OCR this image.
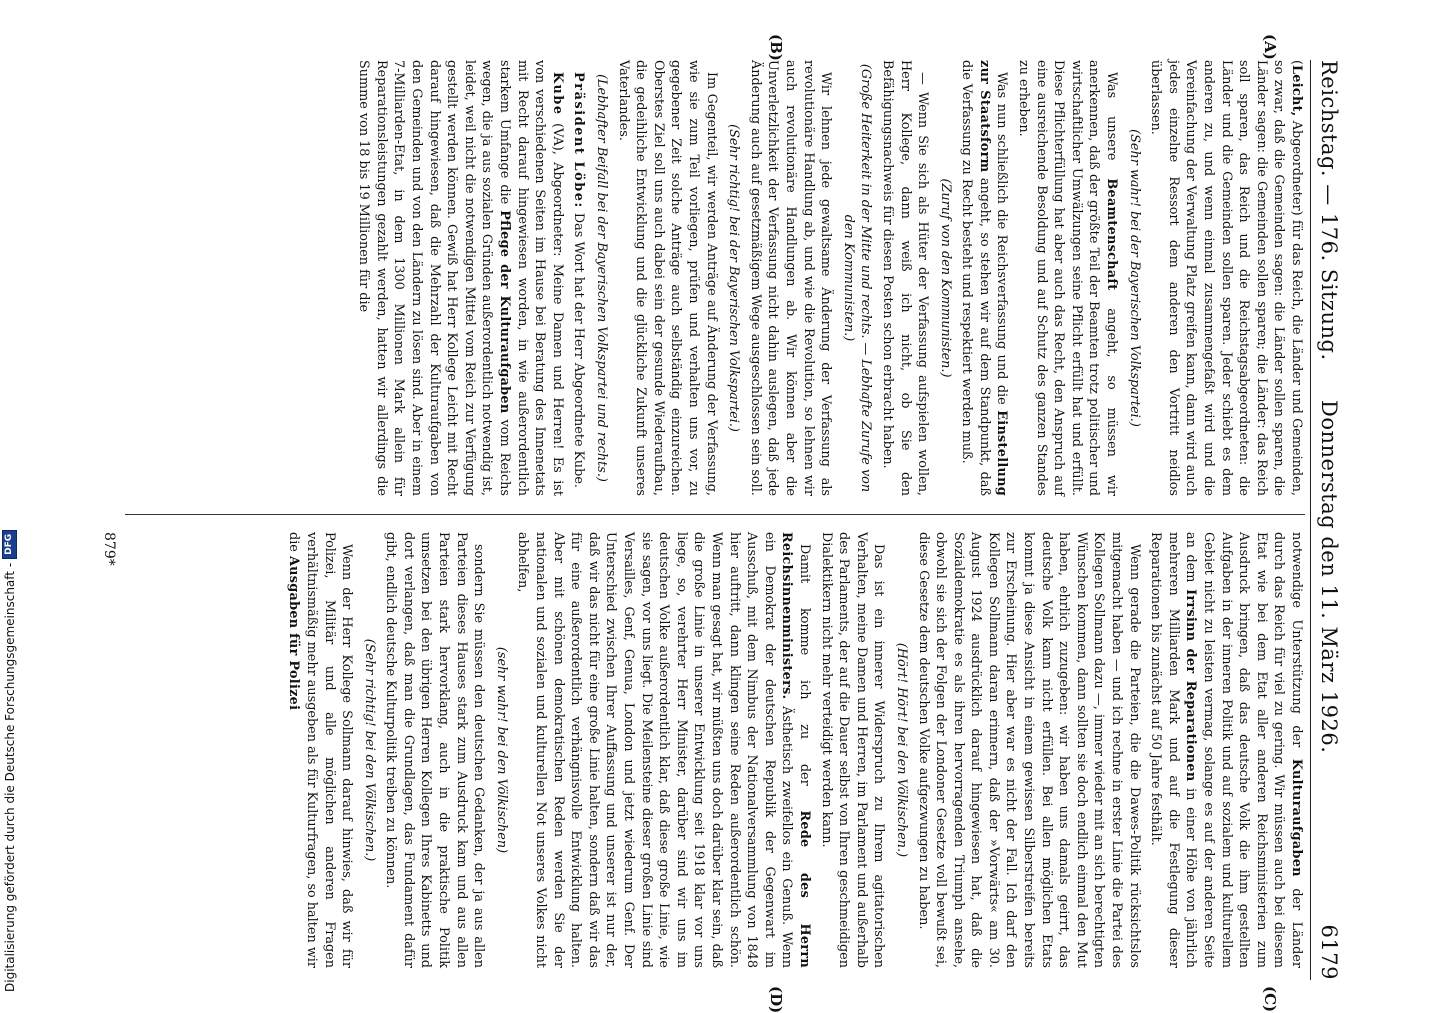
Reichstag. — 176. Sitzung.
Donnerstag den 11. März 1926.
6179
(A)
(B)
(C)
(D)

(Leicht, Abgeordneter) für das Reich, die Länder und Gemeinden, so zwar, daß die Gemeinden sagen: die Länder sollen sparen, die Länder sagen: die Gemeinden sollen sparen; die Länder: das Reich soll sparen, das Reich und die Reichstagsabgeordneten: die Länder und die Gemeinden sollen sparen. Jeder schiebt es dem anderen zu, und wenn einmal zusammengefaßt wird und die Vereinfachung der Verwaltung Platz greifen kann, dann wird auch jedes einzelne Ressort dem anderen den Vortritt neidlos überlassen.

(Sehr wahr! bei der Bayerischen Volkspartei.)

Was unsere Beamtenschaft angeht, so müssen wir anerkennen, daß der größte Teil der Beamten trotz politischer und wirtschaftlicher Umwälzungen seine Pflicht erfüllt hat und erfüllt. Diese Pflichterfüllung hat aber auch das Recht, den Anspruch auf eine ausreichende Besoldung und auf Schutz des ganzen Standes zu erheben.

Was nun schließlich die Reichsverfassung und die Einstellung zur Staatsform angeht, so stehen wir auf dem Standpunkt, daß die Verfassung zu Recht besteht und respektiert werden muß.

(Zuruf von den Kommunisten.)

— Wenn Sie sich als Hüter der Verfassung aufspielen wollen, Herr Kollege, dann weiß ich nicht, ob Sie den Befähigungsnachweis für diesen Posten schon erbracht haben.

(Große Heiterkeit in der Mitte und rechts. — Lebhafte Zurufe von den Kommunisten.)

Wir lehnen jede gewaltsame Änderung der Verfassung als revolutionäre Handlung ab, und wie die Revolution, so lehnen wir auch revolutionäre Handlungen ab. Wir können aber die Unverletzlichkeit der Verfassung nicht dahin auslegen, daß jede Änderung auch auf gesetzmäßigem Wege ausgeschlossen sein soll.

(Sehr richtig! bei der Bayerischen Volkspartei.)

Im Gegenteil, wir werden Anträge auf Änderung der Verfassung, wie sie zum Teil vorliegen, prüfen und verhalten uns vor, zu gegebener Zeit solche Anträge auch selbständig einzureichen. Oberstes Ziel soll uns auch dabei sein der gesunde Wiederaufbau, die gedeihliche Entwicklung und die glückliche Zukunft unseres Vaterlandes.

(Lebhafter Beifall bei der Bayerischen Volkspartei und rechts.)

Präsident Löbe: Das Wort hat der Herr Abgeordnete Kube.

Kube (VA), Abgeordneter: Meine Damen und Herren! Es ist von verschiedenen Seiten im Hause bei Beratung des Innenetats mit Recht darauf hingewiesen worden, in wie außerordentlich starkem Umfange die Pflege der Kulturaufgaben vom Reichs wegen, die ja aus sozialen Gründen außerordentlich notwendig ist, leidet, weil nicht die notwendigen Mittel vom Reich zur Verfügung gestellt werden können. Gewiß hat Herr Kollege Leicht mit Recht darauf hingewiesen, daß die Mehrzahl der Kulturaufgaben von den Gemeinden und von den Ländern zu lösen sind. Aber in einem 7-Milliarden-Etat, in dem 1300 Millionen Mark allein für Reparationsleistungen gezahlt werden, hatten wir allerdings die Summe von 18 bis 19 Millionen für die

notwendige Unterstützung der Kulturaufgaben der Länder durch das Reich für viel zu gering. Wir müssen auch bei diesem Etat wie bei dem Etat aller anderen Reichsministerien zum Ausdruck bringen, daß das deutsche Volk die ihm gestellten Aufgaben in der inneren Politik und auf sozialem und kulturellem Gebiet nicht zu leisten vermag, solange es auf der anderen Seite an dem Irrsinn der Reparationen in einer Höhe von jährlich mehreren Milliarden Mark und auf die Festlegung dieser Reparationen bis zunächst auf 50 Jahre festhält.

Wenn gerade die Parteien, die die Dawes-Politik rücksichtslos mitgemacht haben — und ich rechne in erster Linie die Partei des Kollegen Sollmann dazu —, immer wieder mit an sich berechtigten Wünschen kommen, dann sollten sie doch endlich einmal den Mut haben, ehrlich zuzugeben: wir haben uns damals geirrt, das deutsche Volk kann nicht erfüllen. Bei allen möglichen Etats kommt ja diese Ansicht in einem gewissen Silberstreifen bereits zur Erscheinung. Hier aber war es nicht der Fall. Ich darf den Kollegen Sollmann daran erinnern, daß der »Vorwärts« am 30. August 1924 ausdrücklich darauf hingewiesen hat, daß die Sozialdemokratie es als ihren hervorragenden Triumph ansehe, obwohl sie sich der Folgen der Londoner Gesetze voll bewußt sei, diese Gesetze dem deutschen Volke aufgezwungen zu haben.

(Hört! Hört! bei den Völkischen.)

Das ist ein innerer Widerspruch zu Ihrem agitatorischen Verhalten, meine Damen und Herren, im Parlament und außerhalb des Parlaments, der auf die Dauer selbst von Ihren geschmeidigen Dialektikern nicht mehr verteidigt werden kann.

Damit komme ich zu der Rede des Herrn Reichsinnenministers. Ästhetisch zweifellos ein Genuß. Wenn ein Demokrat der deutschen Republik der Gegenwart im Ausschuß, mit dem Nimbus der Nationalversammlung von 1848 hier auftritt, dann klingen seine Reden außerordentlich schön. Wenn man gesagt hat, wir müßten uns doch darüber klar sein, daß die große Linie in unserer Entwicklung seit 1918 klar vor uns liege, so, verehrter Herr Minister, darüber sind wir uns im deutschen Volke außerordentlich klar, daß diese große Linie, wie sie sagen, vor uns liegt. Die Meilensteine dieser großen Linie sind Versailles, Genf, Genua, London und jetzt wiederum Genf. Der Unterschied zwischen Ihrer Auffassung und unserer ist nur der, daß wir das nicht für eine große Linie halten, sondern daß wir das für eine außerordentlich verhängnisvolle Entwicklung halten. Aber mit schönen demokratischen Reden werden Sie der nationalen und sozialen und kulturellen Not unseres Volkes nicht abhelfen,

(sehr wahr! bei den Völkischen)

sondern Sie müssen den deutschen Gedanken, der ja aus allen Parteien dieses Hauses stark zum Ausdruck kam und aus allen Parteien stark hervorklang, auch in die praktische Politik umsetzen bei den übrigen Herren Kollegen Ihres Kabinetts und dort verlangen, daß man die Grundlagen, das Fundament dafür gibt, endlich deutsche Kulturpolitik treiben zu können.

(Sehr richtig! bei den Völkischen.)

Wenn der Herr Kollege Sollmann darauf hinwies, daß wir für Polizei, Militär und alle möglichen anderen Fragen verhältnismäßig mehr ausgeben als für Kulturfragen, so halten wir die Ausgaben für Polizei

879*
Digitalisierung gefördert durch die Deutsche Forschungsgemeinschaft -
DFG
